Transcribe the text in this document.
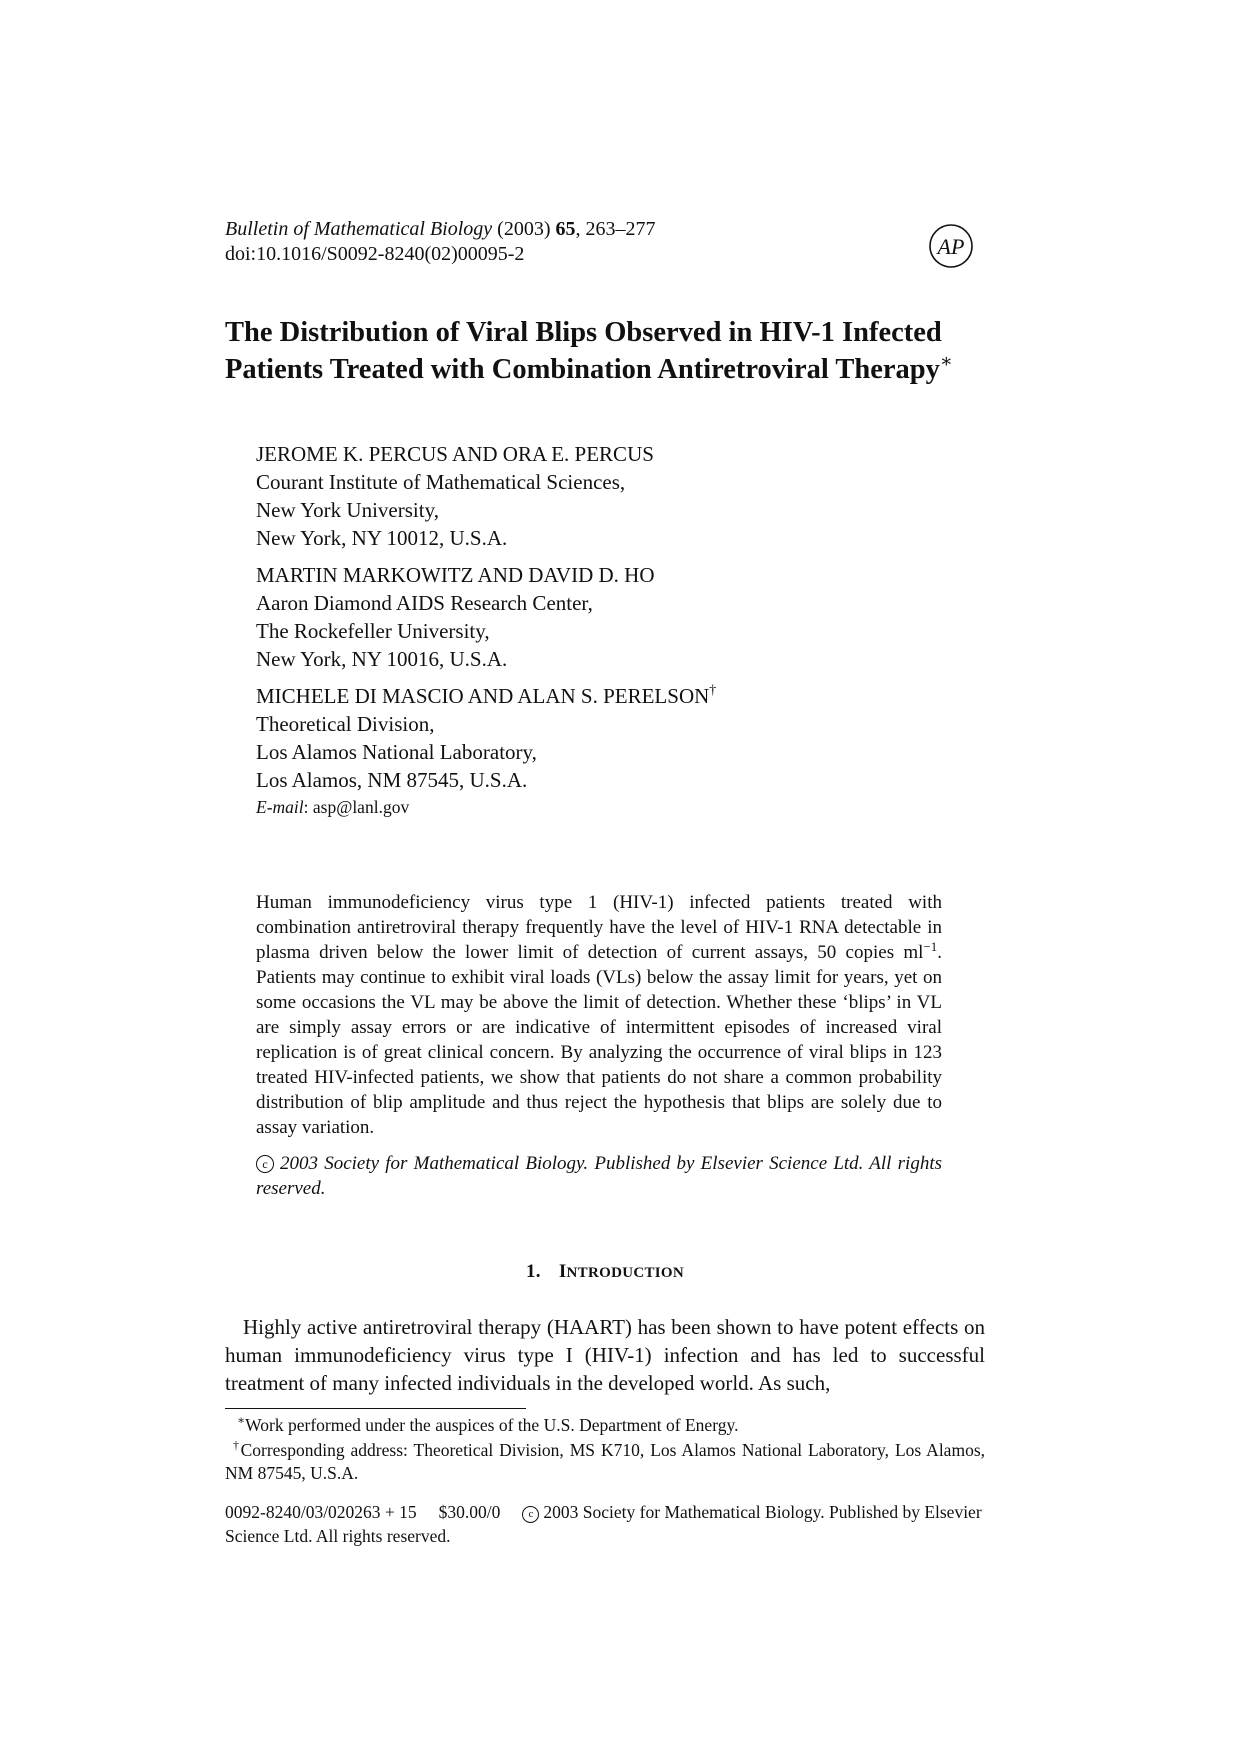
Bulletin of Mathematical Biology (2003) 65, 263–277
doi:10.1016/S0092-8240(02)00095-2	AP
The Distribution of Viral Blips Observed in HIV-1 Infected Patients Treated with Combination Antiretroviral Therapy∗
JEROME K. PERCUS AND ORA E. PERCUS
Courant Institute of Mathematical Sciences,
New York University,
New York, NY 10012, U.S.A.
MARTIN MARKOWITZ AND DAVID D. HO
Aaron Diamond AIDS Research Center,
The Rockefeller University,
New York, NY 10016, U.S.A.
MICHELE DI MASCIO AND ALAN S. PERELSON†
Theoretical Division,
Los Alamos National Laboratory,
Los Alamos, NM 87545, U.S.A.
E-mail: asp@lanl.gov

Human immunodeficiency virus type 1 (HIV-1) infected patients treated with combination antiretroviral therapy frequently have the level of HIV-1 RNA detectable in plasma driven below the lower limit of detection of current assays, 50 copies $ml^{-1}$. Patients may continue to exhibit viral loads (VLs) below the assay limit for years, yet on some occasions the VL may be above the limit of detection. Whether these ‘blips’ in VL are simply assay errors or are indicative of intermittent episodes of increased viral replication is of great clinical concern. By analyzing the occurrence of viral blips in 123 treated HIV-infected patients, we show that patients do not share a common probability distribution of blip amplitude and thus reject the hypothesis that blips are solely due to assay variation.

c 2003 Society for Mathematical Biology. Published by Elsevier Science Ltd. All rights reserved.

1. INTRODUCTION

Highly active antiretroviral therapy (HAART) has been shown to have potent effects on human immunodeficiency virus type I (HIV-1) infection and has led to successful treatment of many infected individuals in the developed world. As such,

∗Work performed under the auspices of the U.S. Department of Energy.

†Corresponding address: Theoretical Division, MS K710, Los Alamos National Laboratory, Los Alamos, NM 87545, U.S.A.

0092-8240/03/020263 + 15 $30.00/0	c 2003 Society for Mathematical Biology. Published by Elsevier Science Ltd. All rights reserved.
